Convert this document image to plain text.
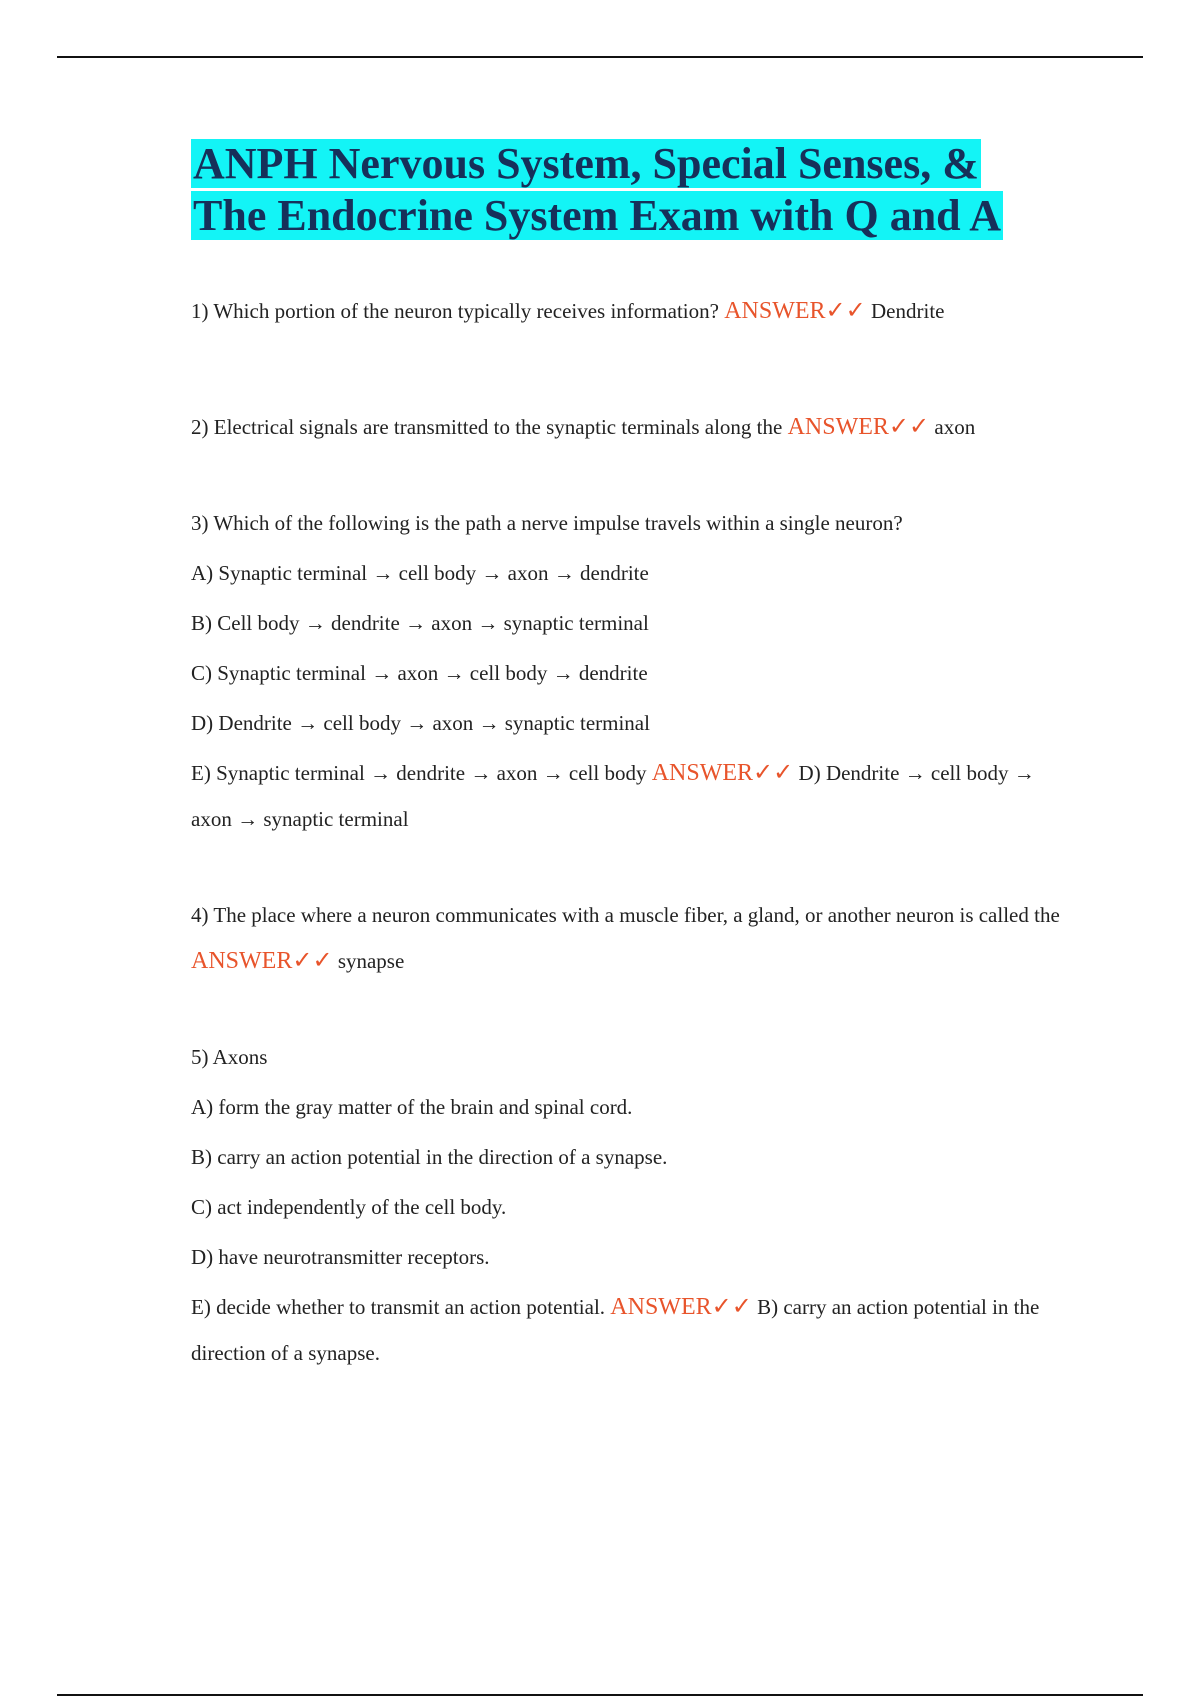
ANPH Nervous System, Special Senses, &
The Endocrine System Exam with Q and A

1) Which portion of the neuron typically receives information? ANSWER✓✓ Dendrite

2) Electrical signals are transmitted to the synaptic terminals along the ANSWER✓✓ axon

3) Which of the following is the path a nerve impulse travels within a single neuron?

A) Synaptic terminal → cell body → axon → dendrite

B) Cell body → dendrite → axon → synaptic terminal

C) Synaptic terminal → axon → cell body → dendrite

D) Dendrite → cell body → axon → synaptic terminal

E) Synaptic terminal → dendrite → axon → cell body ANSWER✓✓ D) Dendrite → cell body → axon → synaptic terminal

4) The place where a neuron communicates with a muscle fiber, a gland, or another neuron is called the ANSWER✓✓ synapse

5) Axons

A) form the gray matter of the brain and spinal cord.

B) carry an action potential in the direction of a synapse.

C) act independently of the cell body.

D) have neurotransmitter receptors.

E) decide whether to transmit an action potential. ANSWER✓✓ B) carry an action potential in the direction of a synapse.
